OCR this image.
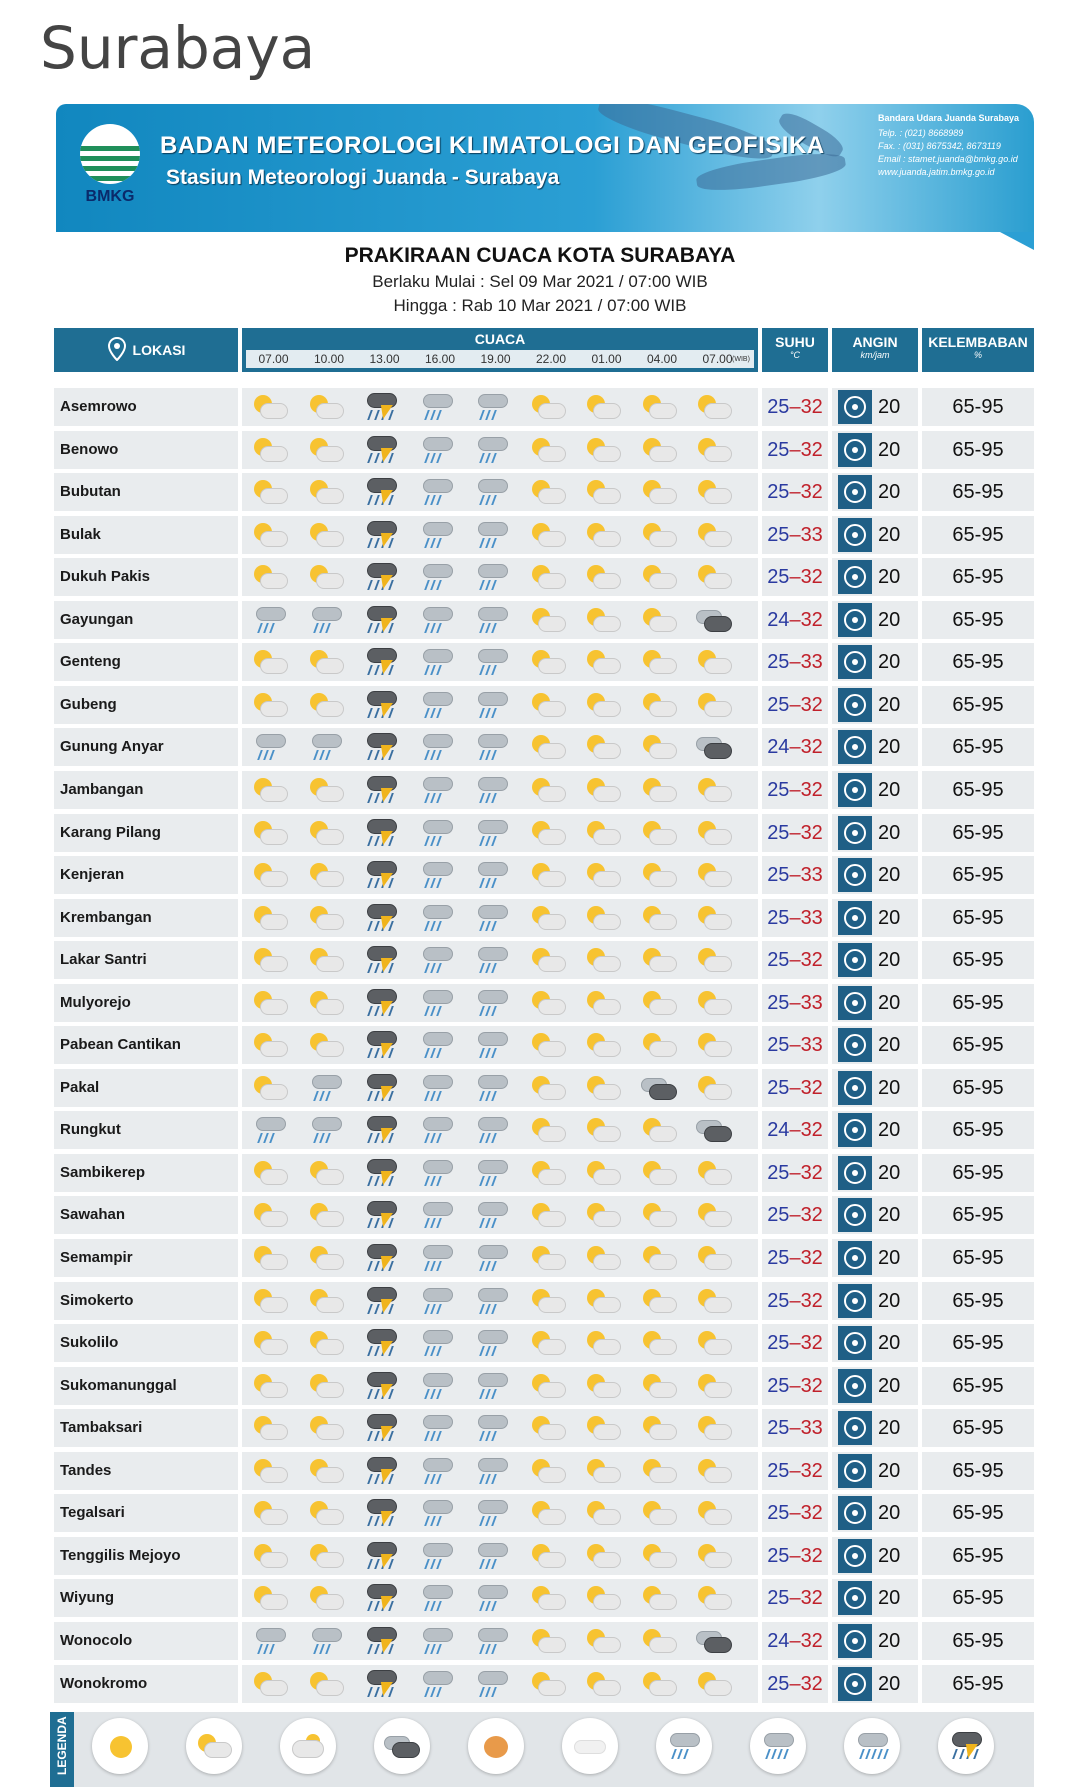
Surabaya
BMKG
BADAN METEOROLOGI KLIMATOLOGI DAN GEOFISIKA
Stasiun Meteorologi Juanda - Surabaya
Bandara Udara Juanda Surabaya
Telp. : (021) 8668989
Fax. : (031) 8675342, 8673119
Email : stamet.juanda@bmkg.go.id
www.juanda.jatim.bmkg.go.id
PRAKIRAAN CUACA KOTA SURABAYA
Berlaku Mulai : Sel 09 Mar 2021 / 07:00 WIB
Hingga : Rab 10 Mar 2021 / 07:00 WIB
LOKASI
CUACA
07.00	10.00	13.00	16.00	19.00	22.00	01.00	04.00	07.00 (WIB)
SUHU
°C
ANGIN
km/jam
KELEMBABAN
%
Asemrowo	25–32	20	65-95
Benowo	25–32	20	65-95
Bubutan	25–32	20	65-95
Bulak	25–33	20	65-95
Dukuh Pakis	25–32	20	65-95
Gayungan	24–32	20	65-95
Genteng	25–33	20	65-95
Gubeng	25–32	20	65-95
Gunung Anyar	24–32	20	65-95
Jambangan	25–32	20	65-95
Karang Pilang	25–32	20	65-95
Kenjeran	25–33	20	65-95
Krembangan	25–33	20	65-95
Lakar Santri	25–32	20	65-95
Mulyorejo	25–33	20	65-95
Pabean Cantikan	25–33	20	65-95
Pakal	25–32	20	65-95
Rungkut	24–32	20	65-95
Sambikerep	25–32	20	65-95
Sawahan	25–32	20	65-95
Semampir	25–32	20	65-95
Simokerto	25–32	20	65-95
Sukolilo	25–32	20	65-95
Sukomanunggal	25–32	20	65-95
Tambaksari	25–33	20	65-95
Tandes	25–32	20	65-95
Tegalsari	25–32	20	65-95
Tenggilis Mejoyo	25–32	20	65-95
Wiyung	25–32	20	65-95
Wonocolo	24–32	20	65-95
Wonokromo	25–32	20	65-95
LEGENDA
